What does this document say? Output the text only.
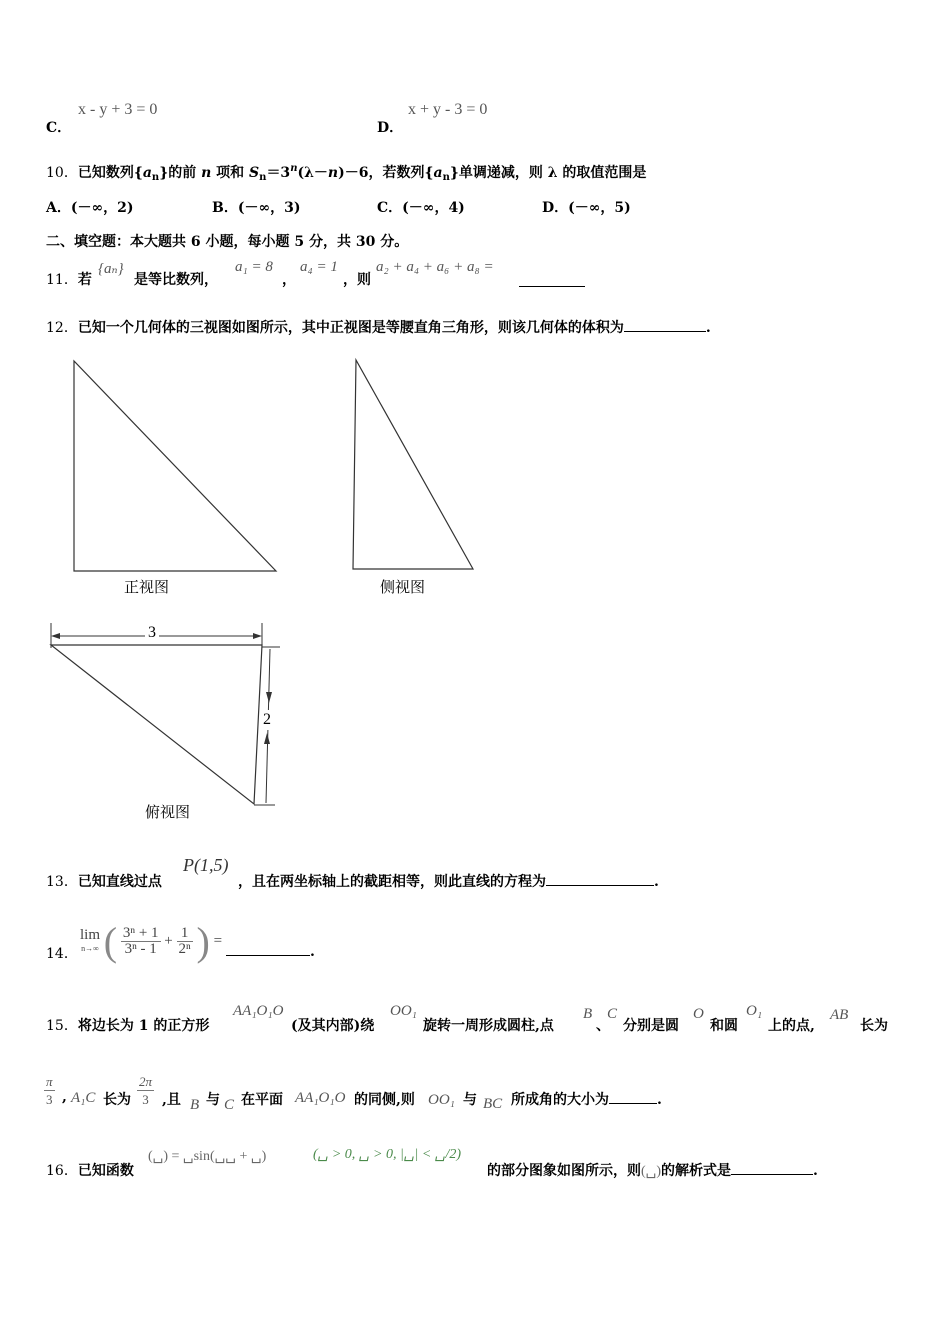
C．
x - y + 3 = 0
D．
x + y - 3 = 0
10．已知数列$\{a_n\}$的前 n 项和 $S_n=3^n(\lambda-n)-6$，若数列$\{a_n\}$单调递减，则 λ 的取值范围是
A．(－∞，2)	B．(－∞，3)	C．(－∞，4)	D．(－∞，5)
二、填空题：本大题共 6 小题，每小题 5 分，共 30 分。
11．若
{aₙ}
是等比数列，
a₁ = 8
，
a₄ = 1
，则
a₂ + a₄ + a₆ + a₈ =
12．已知一个几何体的三视图如图所示，其中正视图是等腰直角三角形，则该几何体的体积为	.
正视图	侧视图
俯视图
3
2
13．已知直线过点
P(1,5)
，且在两坐标轴上的截距相等，则此直线的方程为	.
14．
lim
n→∞ ( $\frac{\text{3ⁿ + 1}}{\text{3ⁿ - 1}} + \frac{1}{\text{2ⁿ}}$ ) =
.
15．将边长为 1 的正方形
AA₁O₁O
(及其内部)绕
OO₁
旋转一周形成圆柱,点
B
、
C
分别是圆
O
和圆
O₁
上的点,
AB
长为
$\frac{\pi}{3}$ , A₁C 长为 $\frac{2\pi}{3}$ ,且 B 与 C 在平面 AA₁O₁O 的同侧,则 OO₁ 与 BC 所成角的大小为	.
16．已知函数
(␣) = ␣sin(␣␣ + ␣)	(␣ > 0, ␣ > 0, |␣| < ␣/2)
的部分图象如图所示，则(␣)的解析式是	.
